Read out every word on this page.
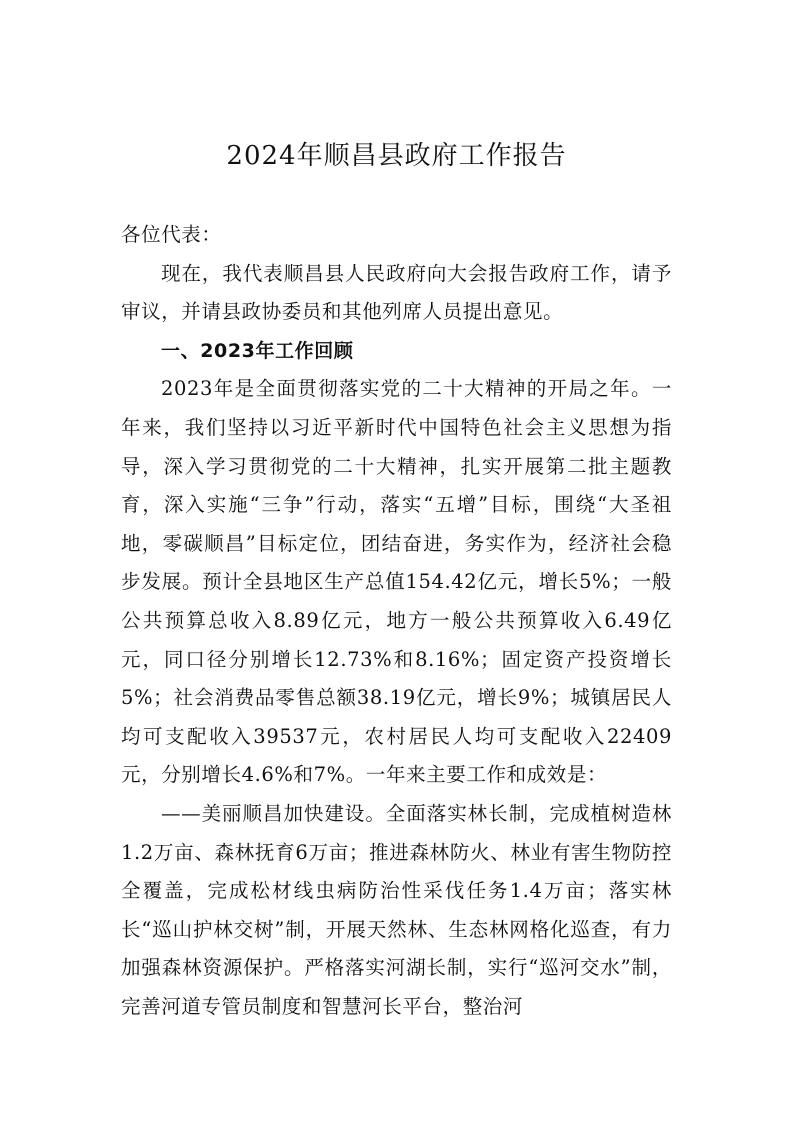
2024年顺昌县政府工作报告

各位代表：

现在，我代表顺昌县人民政府向大会报告政府工作，请予审议，并请县政协委员和其他列席人员提出意见。

一、2023年工作回顾

2023年是全面贯彻落实党的二十大精神的开局之年。一年来，我们坚持以习近平新时代中国特色社会主义思想为指导，深入学习贯彻党的二十大精神，扎实开展第二批主题教育，深入实施“三争”行动，落实“五增”目标，围绕“大圣祖地，零碳顺昌”目标定位，团结奋进，务实作为，经济社会稳步发展。预计全县地区生产总值154.42亿元，增长5%；一般公共预算总收入8.89亿元，地方一般公共预算收入6.49亿元，同口径分别增长12.73%和8.16%；固定资产投资增长5%；社会消费品零售总额38.19亿元，增长9%；城镇居民人均可支配收入39537元，农村居民人均可支配收入22409元，分别增长4.6%和7%。一年来主要工作和成效是：

——美丽顺昌加快建设。全面落实林长制，完成植树造林1.2万亩、森林抚育6万亩；推进森林防火、林业有害生物防控全覆盖，完成松材线虫病防治性采伐任务1.4万亩；落实林长“巡山护林交树”制，开展天然林、生态林网格化巡查，有力加强森林资源保护。严格落实河湖长制，实行“巡河交水”制，完善河道专管员制度和智慧河长平台，整治河
